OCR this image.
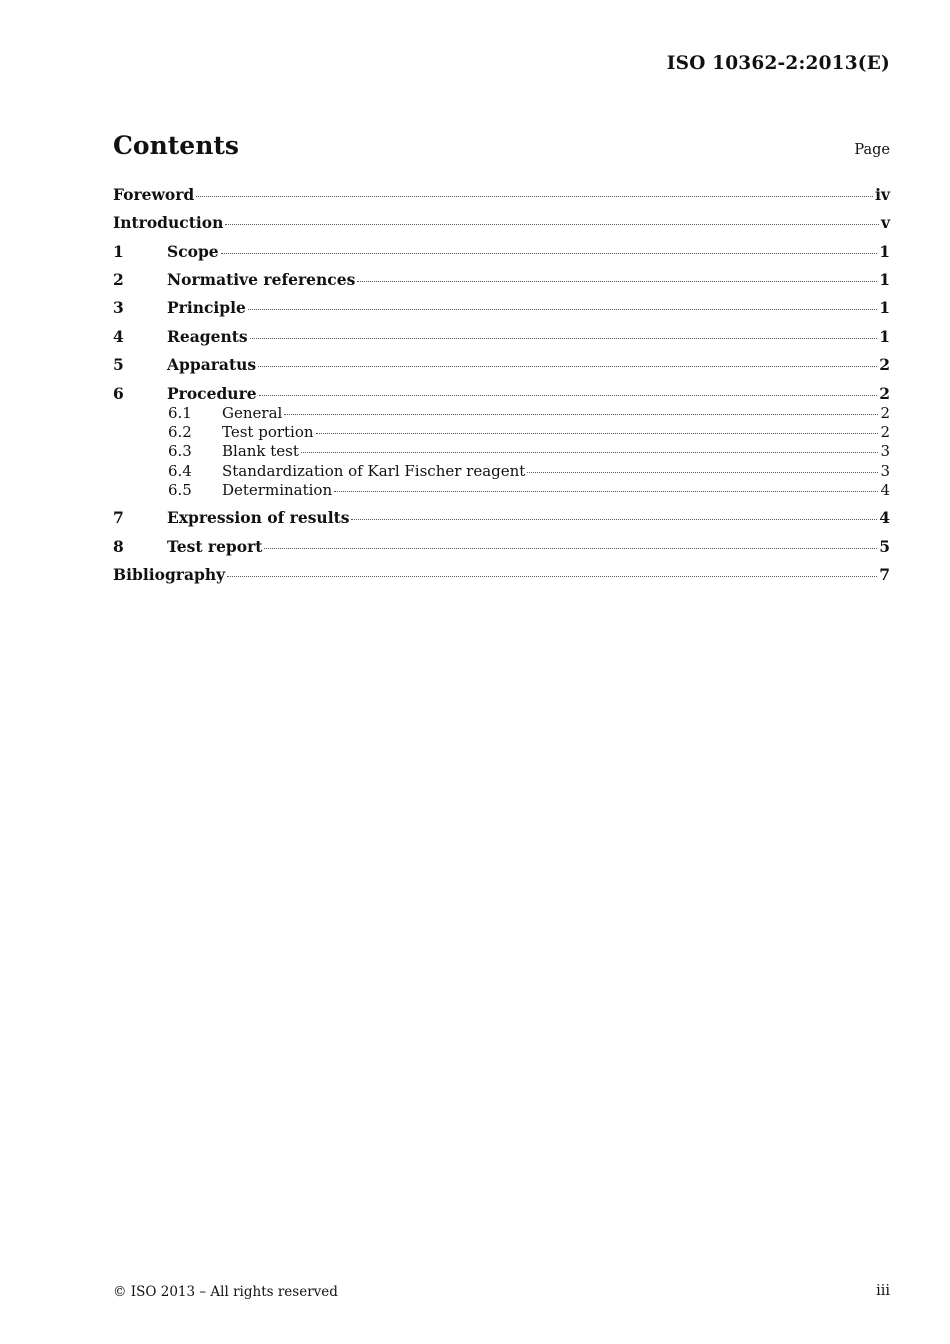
ISO 10362-2:2013(E)
Contents	Page
Foreword	iv
Introduction	v
1	Scope	1
2	Normative references	1
3	Principle	1
4	Reagents	1
5	Apparatus	2
6	Procedure	2
6.1	General	2
6.2	Test portion	2
6.3	Blank test	3
6.4	Standardization of Karl Fischer reagent	3
6.5	Determination	4
7	Expression of results	4
8	Test report	5
Bibliography	7
© ISO 2013 – All rights reserved	iii
